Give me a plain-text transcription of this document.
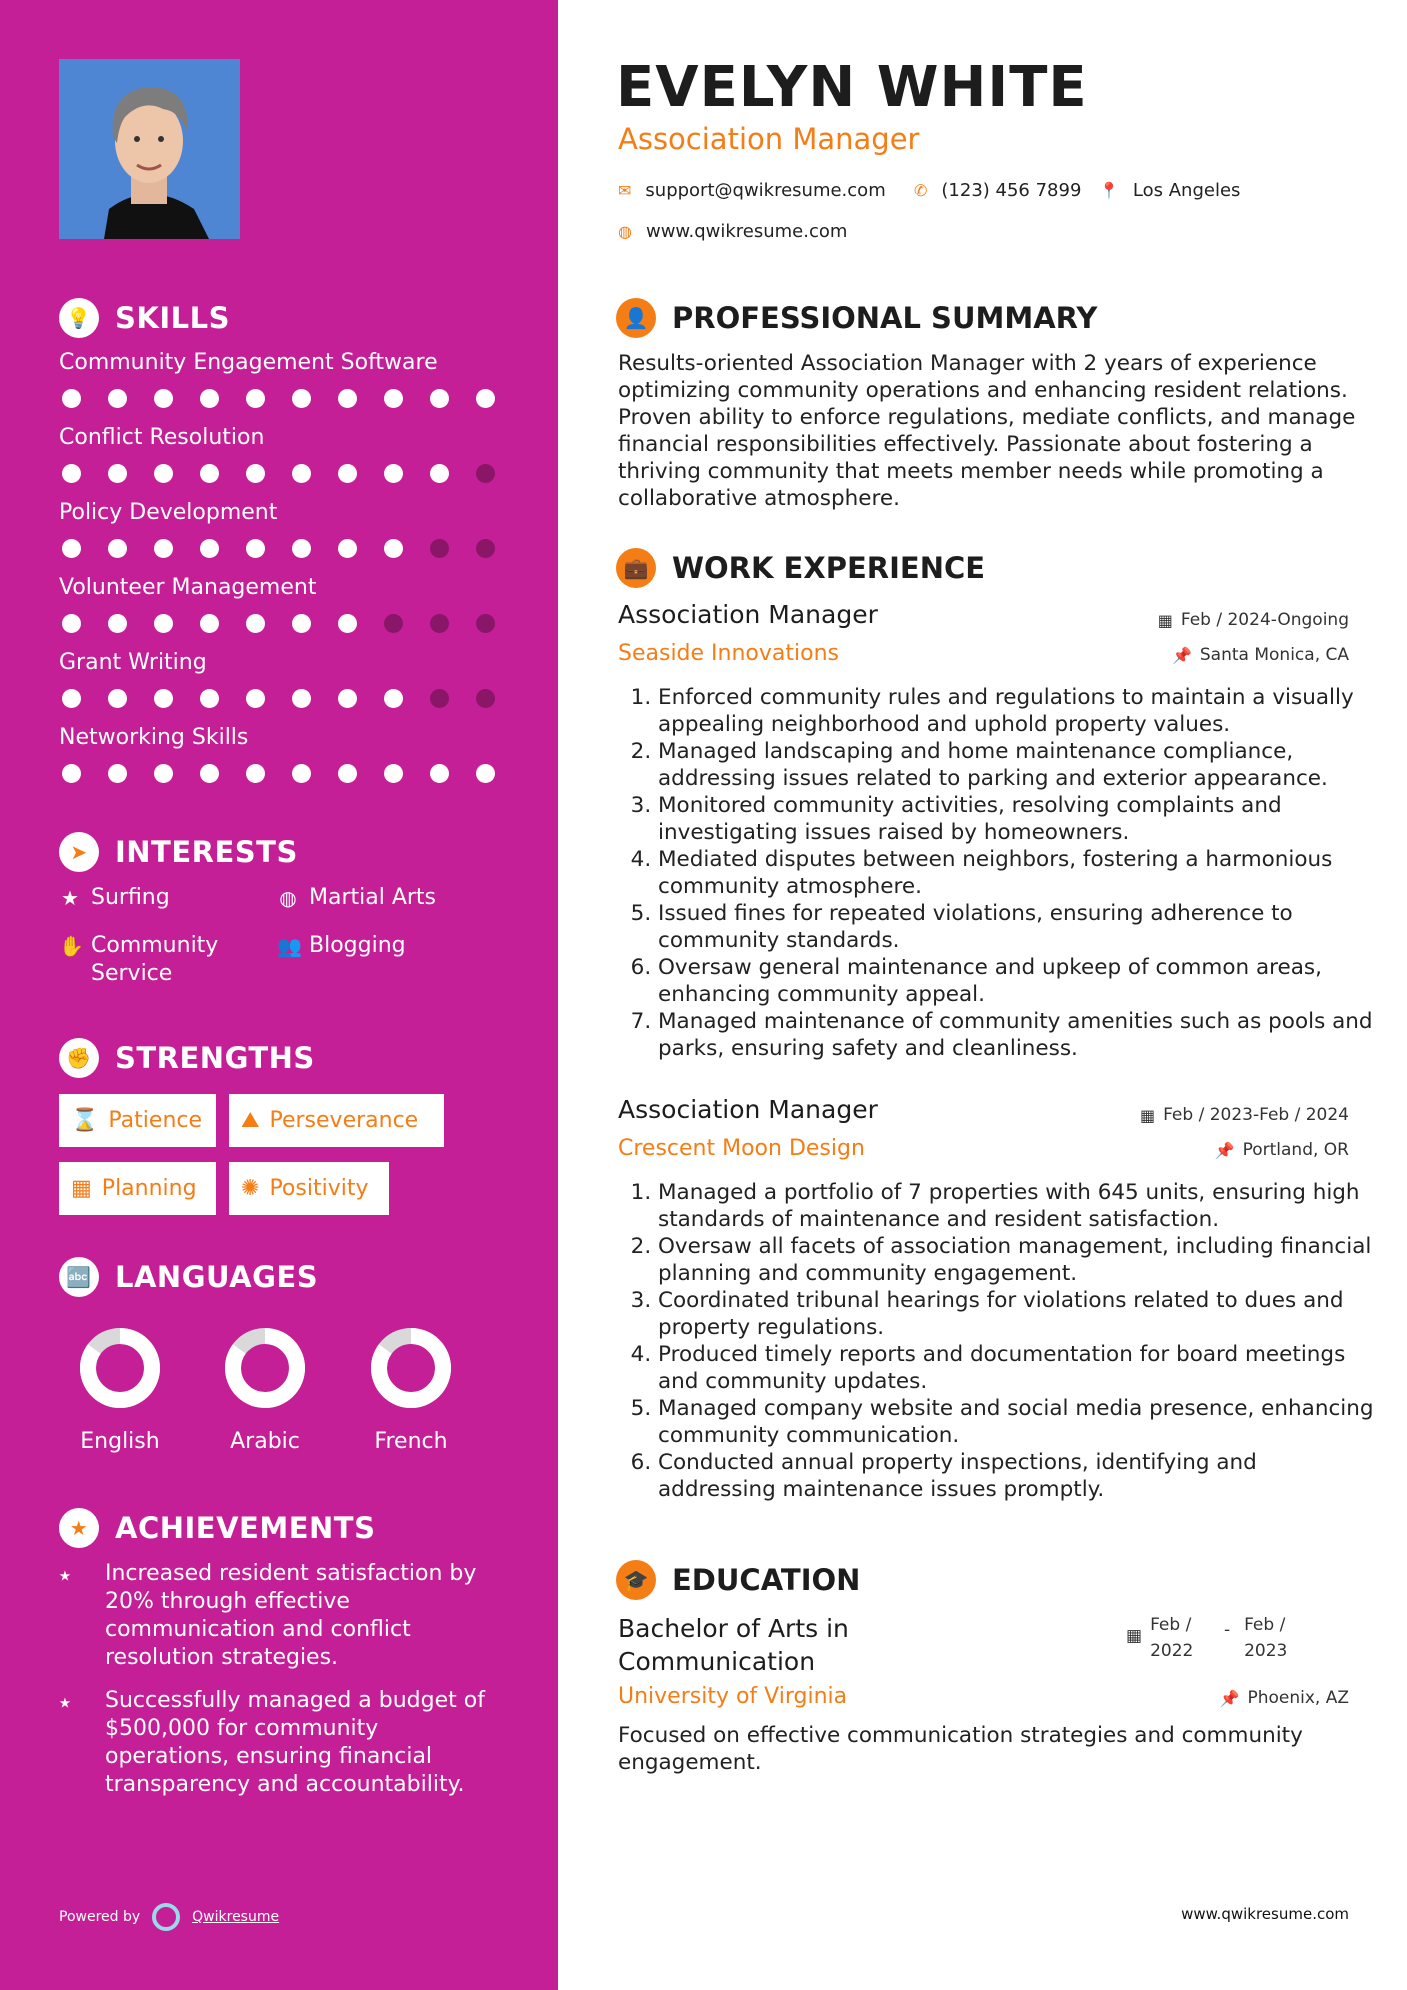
💡 SKILLS
Community Engagement Software
Conflict Resolution
Policy Development
Volunteer Management
Grant Writing
Networking Skills
➤ INTERESTS
★ Surfing	◍ Martial Arts
✋ Community Service
👥 Blogging
✊ STRENGTHS
⌛ Patience ⛰ Perseverance
▦ Planning ✺ Positivity
🔤 LANGUAGES
English	Arabic	French
★ ACHIEVEMENTS
⭑	Increased resident satisfaction by 20% through effective communication and conflict resolution strategies.
⭑	Successfully managed a budget of $500,000 for community operations, ensuring financial transparency and accountability.
Powered by	Qwikresume
EVELYN WHITE
Association Manager
✉ support@qwikresume.com ✆ (123) 456 7899 📍 Los Angeles
◍ www.qwikresume.com
👤 PROFESSIONAL SUMMARY
Results-oriented Association Manager with 2 years of experience optimizing community operations and enhancing resident relations. Proven ability to enforce regulations, mediate conflicts, and manage financial responsibilities effectively. Passionate about fostering a thriving community that meets member needs while promoting a collaborative atmosphere.
💼 WORK EXPERIENCE
Association Manager	▦ Feb / 2024-Ongoing
Seaside Innovations	📌 Santa Monica, CA
1. Enforced community rules and regulations to maintain a visually appealing neighborhood and uphold property values.
2. Managed landscaping and home maintenance compliance, addressing issues related to parking and exterior appearance.
3. Monitored community activities, resolving complaints and investigating issues raised by homeowners.
4. Mediated disputes between neighbors, fostering a harmonious community atmosphere.
5. Issued fines for repeated violations, ensuring adherence to community standards.
6. Oversaw general maintenance and upkeep of common areas, enhancing community appeal.
7. Managed maintenance of community amenities such as pools and parks, ensuring safety and cleanliness.
Association Manager	▦ Feb / 2023-Feb / 2024
Crescent Moon Design	📌 Portland, OR
1. Managed a portfolio of 7 properties with 645 units, ensuring high standards of maintenance and resident satisfaction.
2. Oversaw all facets of association management, including financial planning and community engagement.
3. Coordinated tribunal hearings for violations related to dues and property regulations.
4. Produced timely reports and documentation for board meetings and community updates.
5. Managed company website and social media presence, enhancing community communication.
6. Conducted annual property inspections, identifying and addressing maintenance issues promptly.
🎓 EDUCATION
Bachelor of Arts in Communication
▦
Feb / 2022
- Feb / 2023
University of Virginia	📌 Phoenix, AZ
Focused on effective communication strategies and community engagement.
www.qwikresume.com
